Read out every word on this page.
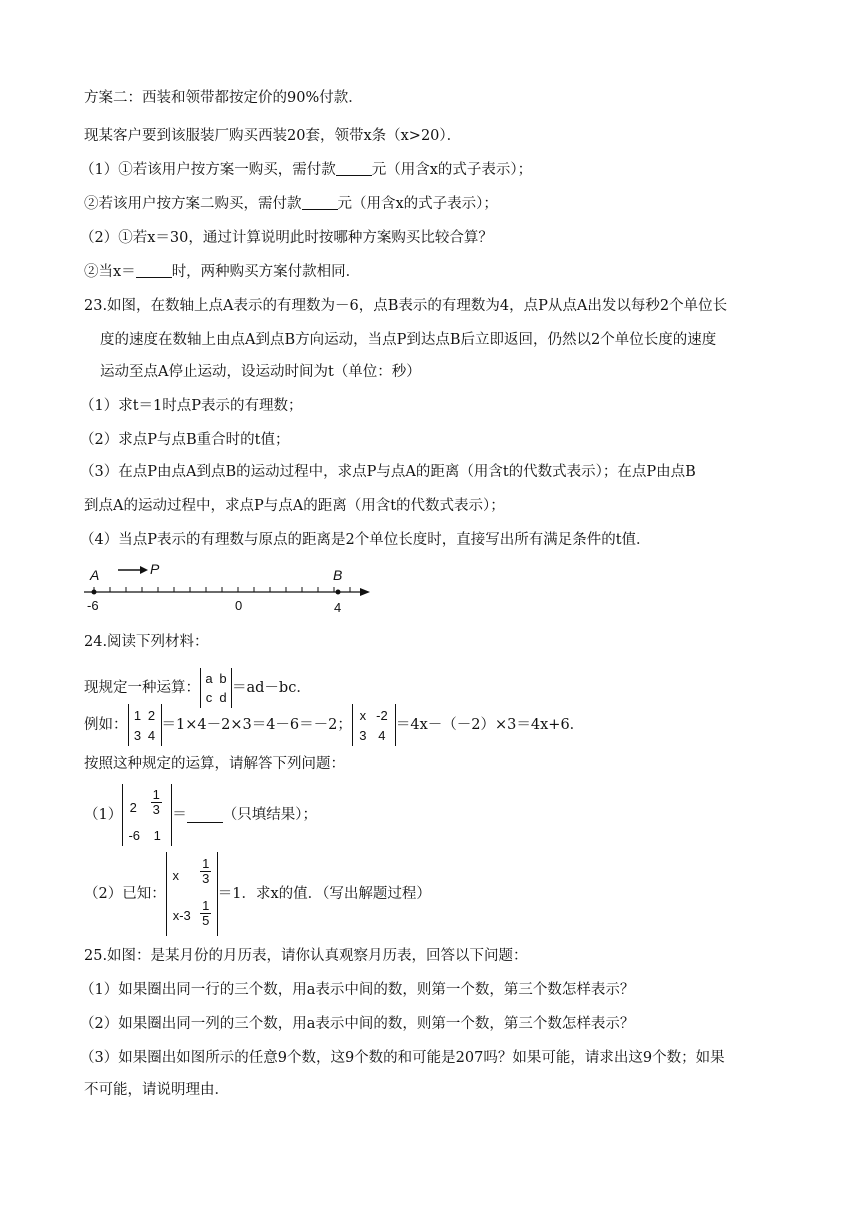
方案二：西装和领带都按定价的90%付款．
现某客户要到该服装厂购买西装20套，领带x条（x>20）．
（1）①若该用户按方案一购买，需付款 元（用含x的式子表示）；
②若该用户按方案二购买，需付款 元（用含x的式子表示）；
（2）①若x＝30，通过计算说明此时按哪种方案购买比较合算？
②当x＝ 时，两种购买方案付款相同．
23.如图，在数轴上点A表示的有理数为－6，点B表示的有理数为4，点P从点A出发以每秒2个单位长
度的速度在数轴上由点A到点B方向运动，当点P到达点B后立即返回，仍然以2个单位长度的速度
运动至点A停止运动，设运动时间为t（单位：秒）
（1）求t＝1时点P表示的有理数；
（2）求点P与点B重合时的t值；
（3）在点P由点A到点B的运动过程中，求点P与点A的距离（用含t的代数式表示）；在点P由点B
到点A的运动过程中，求点P与点A的距离（用含t的代数式表示）；
（4）当点P表示的有理数与原点的距离是2个单位长度时，直接写出所有满足条件的t值．
A	P	B
-6	0	4
24.阅读下列材料：
现规定一种运算：
a b
c d
＝ad－bc．
例如：
1 2
3 4
＝1×4－2×3＝4－6＝－2；
x -2
3 4
＝4x－（－2）×3＝4x+6．
按照这种规定的运算，请解答下列问题：
（1） 2	$\frac{1}{3}$
-6	1
＝ （只填结果）；
（2）已知：
x $\frac{1}{3}$
$x-3 \frac{1}{5}$
＝1．求x的值．（写出解题过程）
25.如图：是某月份的月历表，请你认真观察月历表，回答以下问题：
（1）如果圈出同一行的三个数，用a表示中间的数，则第一个数，第三个数怎样表示？
（2）如果圈出同一列的三个数，用a表示中间的数，则第一个数，第三个数怎样表示？
（3）如果圈出如图所示的任意9个数，这9个数的和可能是207吗？如果可能，请求出这9个数；如果
不可能，请说明理由．
